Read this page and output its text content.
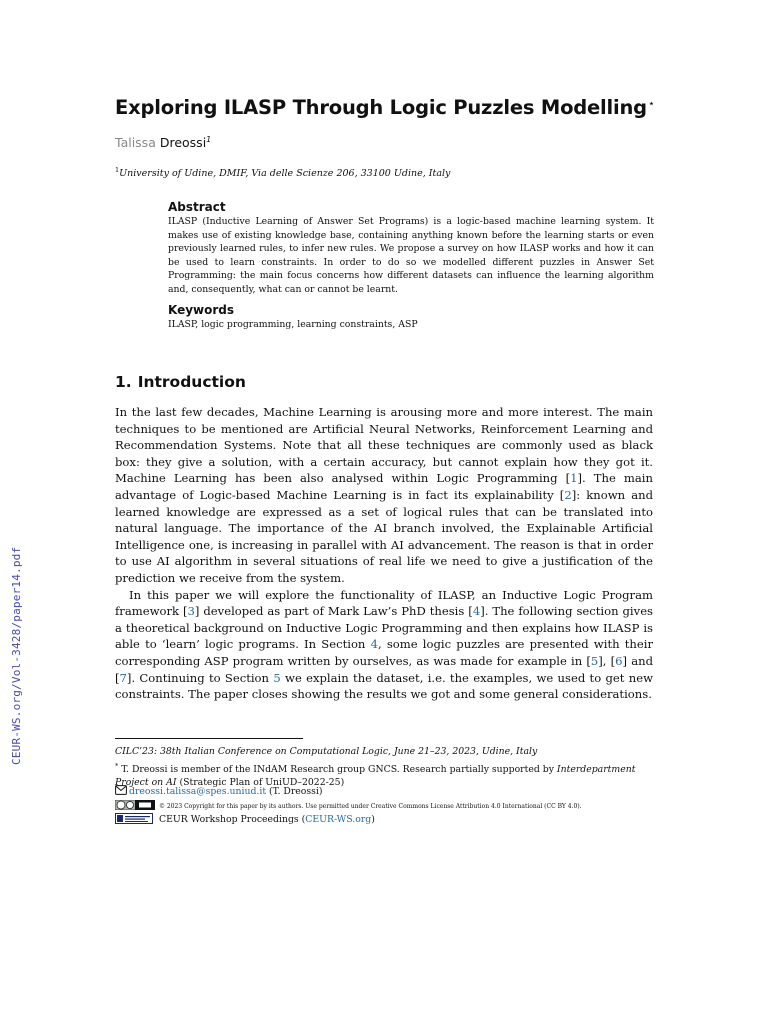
CEUR-WS.org/Vol-3428/paper14.pdf
Exploring ILASP Through Logic Puzzles Modelling⋆
Talissa Dreossi$^1$
$^1$University of Udine, DMIF, Via delle Scienze 206, 33100 Udine, Italy
Abstract

ILASP (Inductive Learning of Answer Set Programs) is a logic-based machine learning system. It makes use of existing knowledge base, containing anything known before the learning starts or even previously learned rules, to infer new rules. We propose a survey on how ILASP works and how it can be used to learn constraints. In order to do so we modelled different puzzles in Answer Set Programming: the main focus concerns how different datasets can influence the learning algorithm and, consequently, what can or cannot be learnt.

Keywords
ILASP, logic programming, learning constraints, ASP
1. Introduction

In the last few decades, Machine Learning is arousing more and more interest. The main techniques to be mentioned are Artificial Neural Networks, Reinforcement Learning and Recommendation Systems. Note that all these techniques are commonly used as black box: they give a solution, with a certain accuracy, but cannot explain how they got it. Machine Learning has been also analysed within Logic Programming [1]. The main advantage of Logic-based Machine Learning is in fact its explainability [2]: known and learned knowledge are expressed as a set of logical rules that can be translated into natural language. The importance of the AI branch involved, the Explainable Artificial Intelligence one, is increasing in parallel with AI advancement. The reason is that in order to use AI algorithm in several situations of real life we need to give a justification of the prediction we receive from the system.

In this paper we will explore the functionality of ILASP, an Inductive Logic Program framework [3] developed as part of Mark Law’s PhD thesis [4]. The following section gives a theoretical background on Inductive Logic Programming and then explains how ILASP is able to ‘learn’ logic programs. In Section 4, some logic puzzles are presented with their corresponding ASP program written by ourselves, as was made for example in [5], [6] and [7]. Continuing to Section 5 we explain the dataset, i.e. the examples, we used to get new constraints. The paper closes showing the results we got and some general considerations.

CILC’23: 38th Italian Conference on Computational Logic, June 21–23, 2023, Udine, Italy
* T. Dreossi is member of the INdAM Research group GNCS. Research partially supported by Interdepartment Project on AI (Strategic Plan of UniUD–2022-25)
dreossi.talissa@spes.uniud.it (T. Dreossi)
© 2023 Copyright for this paper by its authors. Use permitted under Creative Commons License Attribution 4.0 International (CC BY 4.0).
CEUR Workshop Proceedings (CEUR-WS.org)
